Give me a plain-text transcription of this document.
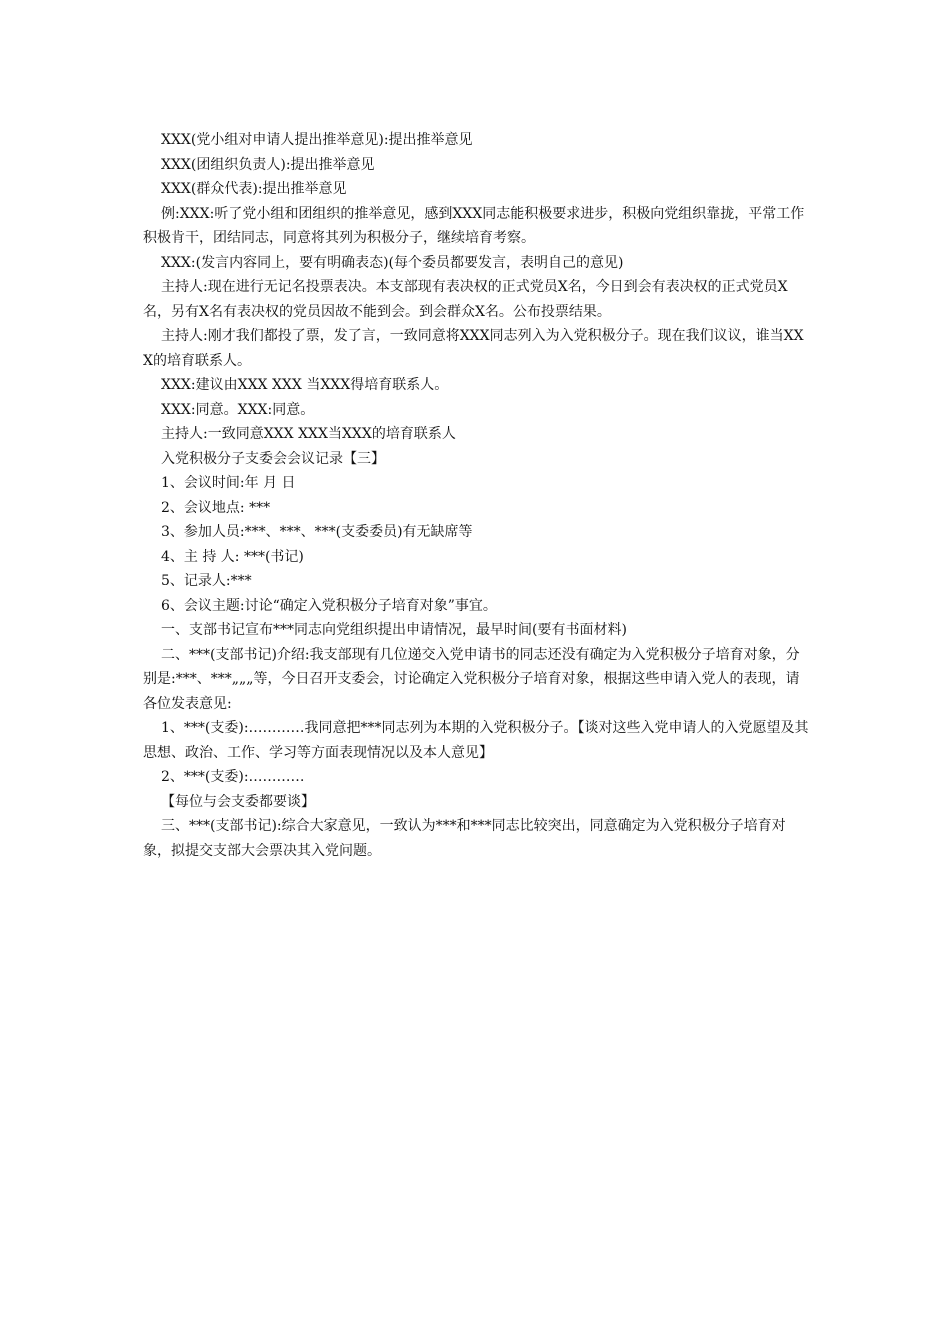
XXX(党小组对申请人提出推举意见):提出推举意见

XXX(团组织负责人):提出推举意见

XXX(群众代表):提出推举意见

例:XXX:听了党小组和团组织的推举意见，感到XXX同志能积极要求进步，积极向党组织靠拢，平常工作积极肯干，团结同志，同意将其列为积极分子，继续培育考察。

XXX:(发言内容同上，要有明确表态)(每个委员都要发言，表明自己的意见)

主持人:现在进行无记名投票表决。本支部现有表决权的正式党员X名，今日到会有表决权的正式党员X名，另有X名有表决权的党员因故不能到会。到会群众X名。公布投票结果。

主持人:刚才我们都投了票，发了言，一致同意将XXX同志列入为入党积极分子。现在我们议议，谁当XXX的培育联系人。

XXX:建议由XXX XXX 当XXX得培育联系人。

XXX:同意。XXX:同意。

主持人:一致同意XXX XXX当XXX的培育联系人

入党积极分子支委会会议记录【三】

1、会议时间:年 月 日

2、会议地点: ***

3、参加人员:***、***、***(支委委员)有无缺席等

4、主 持 人: ***(书记)

5、记录人:***

6、会议主题:讨论“确定入党积极分子培育对象”事宜。

一、支部书记宣布***同志向党组织提出申请情况，最早时间(要有书面材料)

二、***(支部书记)介绍:我支部现有几位递交入党申请书的同志还没有确定为入党积极分子培育对象，分别是:***、***„„„等，今日召开支委会，讨论确定入党积极分子培育对象，根据这些申请入党人的表现，请各位发表意见:

1、***(支委):…………我同意把***同志列为本期的入党积极分子。【谈对这些入党申请人的入党愿望及其思想、政治、工作、学习等方面表现情况以及本人意见】

2、***(支委):…………

【每位与会支委都要谈】

三、***(支部书记):综合大家意见，一致认为***和***同志比较突出，同意确定为入党积极分子培育对象，拟提交支部大会票决其入党问题。
